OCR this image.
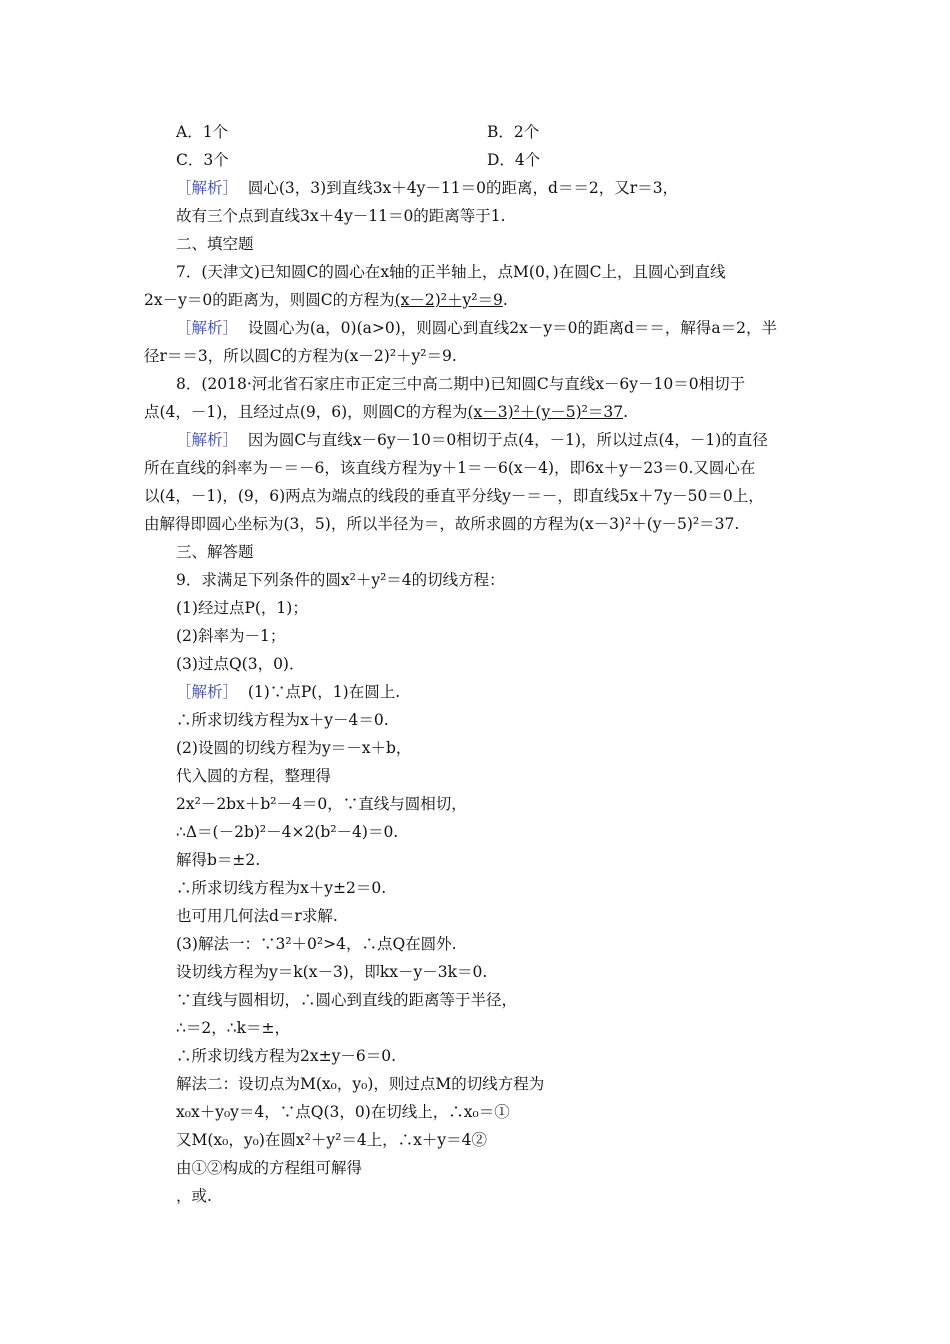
A．1个	B．2个
C．3个	D．4个
［解析］ 圆心(3，3)到直线3x＋4y－11＝0的距离，d＝＝2，又r＝3，
故有三个点到直线3x＋4y－11＝0的距离等于1.
二、填空题
7．(天津文)已知圆C的圆心在x轴的正半轴上，点M(0，)在圆C上，且圆心到直线
2x－y＝0的距离为，则圆C的方程为(x－2)²＋y²＝9.
［解析］ 设圆心为(a，0)(a>0)，则圆心到直线2x－y＝0的距离d＝＝，解得a＝2，半
径r＝＝3，所以圆C的方程为(x－2)²＋y²＝9.
8．(2018·河北省石家庄市正定三中高二期中)已知圆C与直线x－6y－10＝0相切于
点(4，－1)，且经过点(9，6)，则圆C的方程为(x－3)²＋(y－5)²＝37.
［解析］ 因为圆C与直线x－6y－10＝0相切于点(4，－1)，所以过点(4，－1)的直径
所在直线的斜率为－＝－6，该直线方程为y＋1＝－6(x－4)，即6x＋y－23＝0.又圆心在
以(4，－1)，(9，6)两点为端点的线段的垂直平分线y－＝－，即直线5x＋7y－50＝0上，
由解得即圆心坐标为(3，5)，所以半径为＝，故所求圆的方程为(x－3)²＋(y－5)²＝37.
三、解答题
9．求满足下列条件的圆x²＋y²＝4的切线方程：
(1)经过点P(，1)；
(2)斜率为－1；
(3)过点Q(3，0)．
［解析］ (1)∵点P(，1)在圆上.
∴所求切线方程为x＋y－4＝0.
(2)设圆的切线方程为y＝－x＋b，
代入圆的方程，整理得
2x²－2bx＋b²－4＝0，∵直线与圆相切，
∴Δ＝(－2b)²－4×2(b²－4)＝0.
解得b＝±2.
∴所求切线方程为x＋y±2＝0.
也可用几何法d＝r求解.
(3)解法一：∵3²＋0²>4，∴点Q在圆外.
设切线方程为y＝k(x－3)，即kx－y－3k＝0.
∵直线与圆相切，∴圆心到直线的距离等于半径，
∴＝2，∴k＝±，
∴所求切线方程为2x±y－6＝0.
解法二：设切点为M(x₀，y₀)，则过点M的切线方程为
x₀x＋y₀y＝4，∵点Q(3，0)在切线上，∴x₀＝①
又M(x₀，y₀)在圆x²＋y²＝4上，∴x＋y＝4②
由①②构成的方程组可解得
，或.
